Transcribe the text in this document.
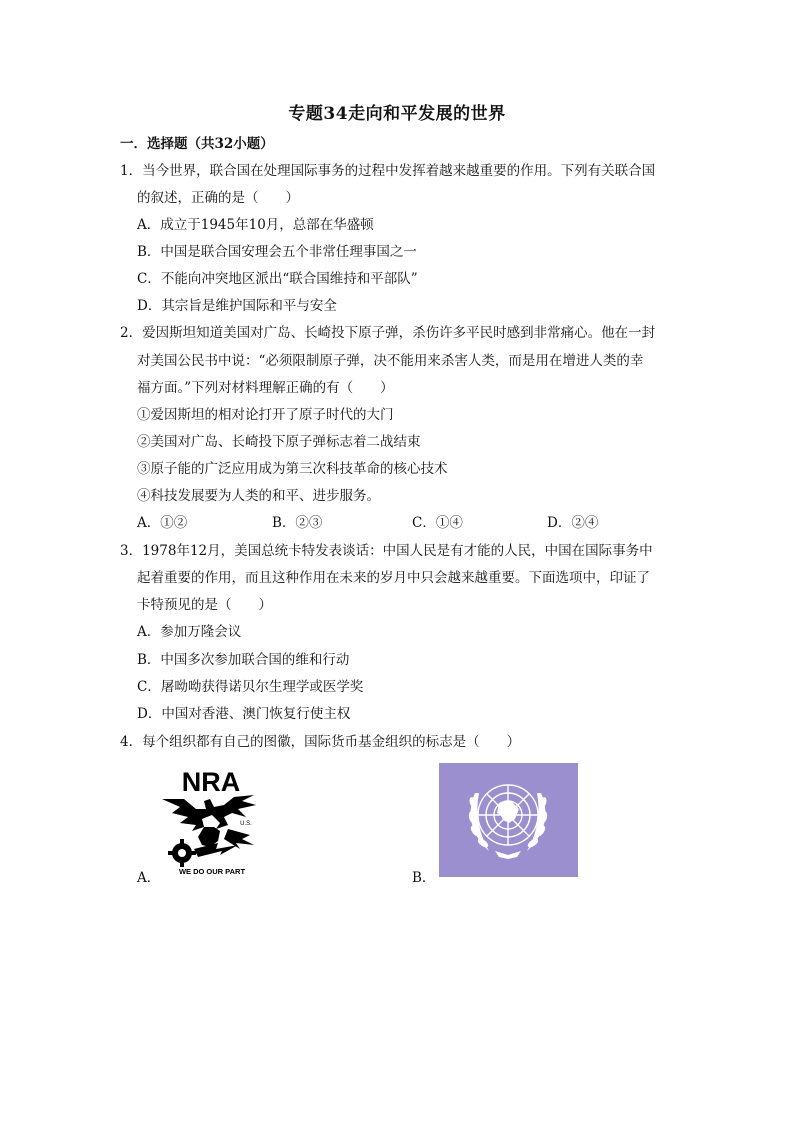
专题34走向和平发展的世界
一．选择题（共32小题）
1．当今世界，联合国在处理国际事务的过程中发挥着越来越重要的作用。下列有关联合国
的叙述，正确的是（　　）
A．成立于1945年10月，总部在华盛顿
B．中国是联合国安理会五个非常任理事国之一
C．不能向冲突地区派出“联合国维持和平部队”
D．其宗旨是维护国际和平与安全
2．爱因斯坦知道美国对广岛、长崎投下原子弹，杀伤许多平民时感到非常痛心。他在一封
对美国公民书中说：“必须限制原子弹，决不能用来杀害人类，而是用在增进人类的幸
福方面。”下列对材料理解正确的有（　　）
①爱因斯坦的相对论打开了原子时代的大门
②美国对广岛、长崎投下原子弹标志着二战结束
③原子能的广泛应用成为第三次科技革命的核心技术
④科技发展要为人类的和平、进步服务。
A．①②	B．②③	C．①④	D．②④
3．1978年12月，美国总统卡特发表谈话：中国人民是有才能的人民，中国在国际事务中
起着重要的作用，而且这种作用在未来的岁月中只会越来越重要。下面选项中，印证了
卡特预见的是（　　）
A．参加万隆会议
B．中国多次参加联合国的维和行动
C．屠呦呦获得诺贝尔生理学或医学奖
D．中国对香港、澳门恢复行使主权
4．每个组织都有自己的图徽，国际货币基金组织的标志是（　　）
A．
NRA
U.S.
WE DO OUR PART	B．
